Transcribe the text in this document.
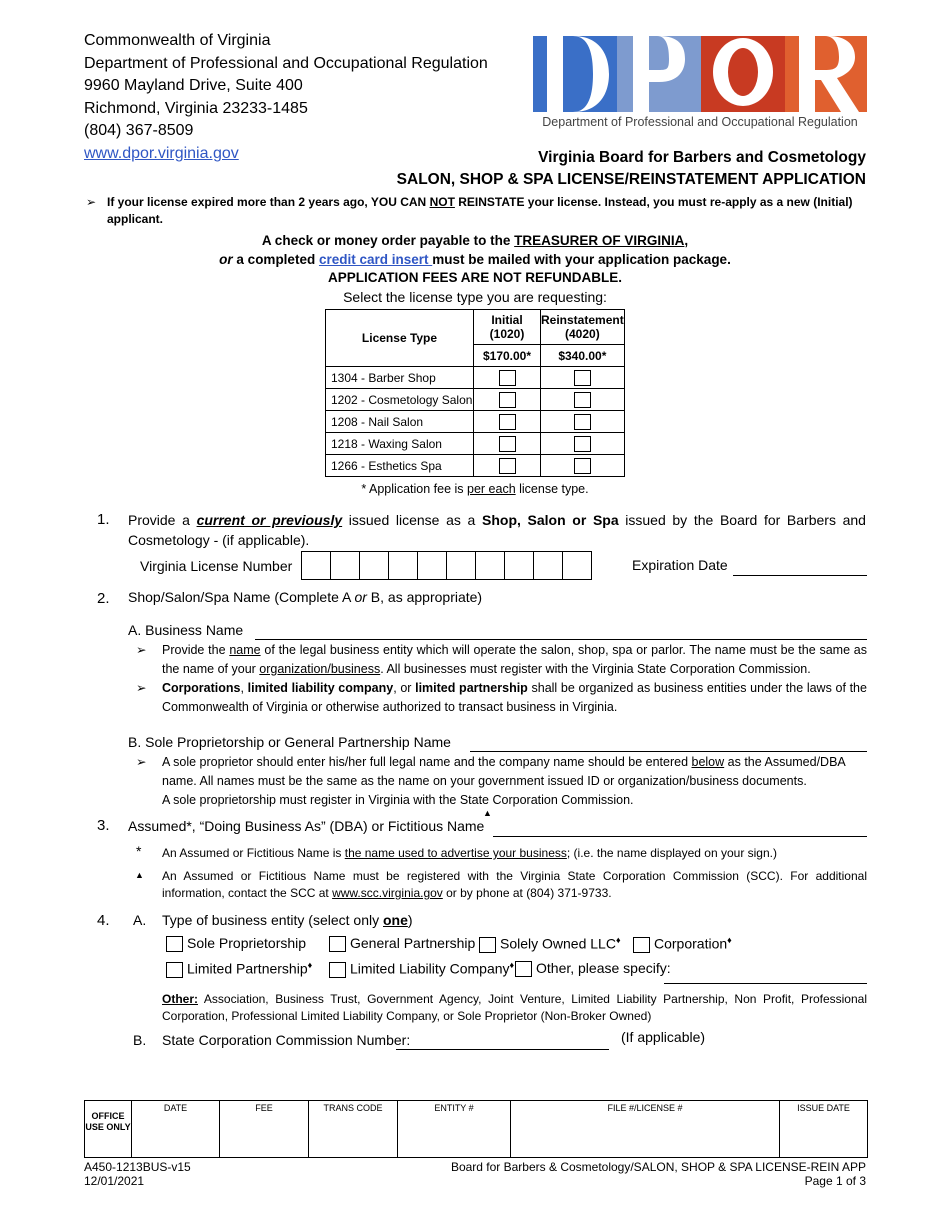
Commonwealth of Virginia
Department of Professional and Occupational Regulation
9960 Mayland Drive, Suite 400
Richmond, Virginia 23233-1485
(804) 367-8509
www.dpor.virginia.gov
Department of Professional and Occupational Regulation
Virginia Board for Barbers and Cosmetology
SALON, SHOP & SPA LICENSE/REINSTATEMENT APPLICATION
➢ If your license expired more than 2 years ago, YOU CAN NOT REINSTATE your license. Instead, you must re-apply as a new (Initial) applicant.
A check or money order payable to the TREASURER OF VIRGINIA,
or a completed credit card insert must be mailed with your application package.
APPLICATION FEES ARE NOT REFUNDABLE.
Select the license type you are requesting:
License Type	Initial (1020)	Reinstatement (4020)
	$170.00*	$340.00*
1304 - Barber Shop		
1202 - Cosmetology Salon		
1208 - Nail Salon		
1218 - Waxing Salon		
1266 - Esthetics Spa		
* Application fee is per each license type.
1. Provide a current or previously issued license as a Shop, Salon or Spa issued by the Board for Barbers and Cosmetology - (if applicable).
Virginia License Number	Expiration Date
2. Shop/Salon/Spa Name (Complete A or B, as appropriate)
A. Business Name
➢ Provide the name of the legal business entity which will operate the salon, shop, spa or parlor. The name must be the same as the name of your organization/business. All businesses must register with the Virginia State Corporation Commission.
➢ Corporations, limited liability company, or limited partnership shall be organized as business entities under the laws of the Commonwealth of Virginia or otherwise authorized to transact business in Virginia.
B. Sole Proprietorship or General Partnership Name
➢ A sole proprietor should enter his/her full legal name and the company name should be entered below as the Assumed/DBA name. All names must be the same as the name on your government issued ID or organization/business documents.
A sole proprietorship must register in Virginia with the State Corporation Commission.
3. Assumed*, “Doing Business As” (DBA) or Fictitious Name
▲
* An Assumed or Fictitious Name is the name used to advertise your business; (i.e. the name displayed on your sign.)
▲ An Assumed or Fictitious Name must be registered with the Virginia State Corporation Commission (SCC). For additional information, contact the SCC at www.scc.virginia.gov or by phone at (804) 371-9733.
4. A. Type of business entity (select only one)
Sole Proprietorship	General Partnership	Solely Owned LLC♦	Corporation♦
Limited Partnership♦	Limited Liability Company♦	Other, please specify:
Other: Association, Business Trust, Government Agency, Joint Venture, Limited Liability Partnership, Non Profit, Professional Corporation, Professional Limited Liability Company, or Sole Proprietor (Non-Broker Owned)
B. State Corporation Commission Number:	(If applicable)
OFFICE USE ONLY
DATE	FEE	TRANS CODE	ENTITY #	FILE #/LICENSE #	ISSUE DATE
A450-1213BUS-v15
12/01/2021
Board for Barbers & Cosmetology/SALON, SHOP & SPA LICENSE-REIN APP
Page 1 of 3
